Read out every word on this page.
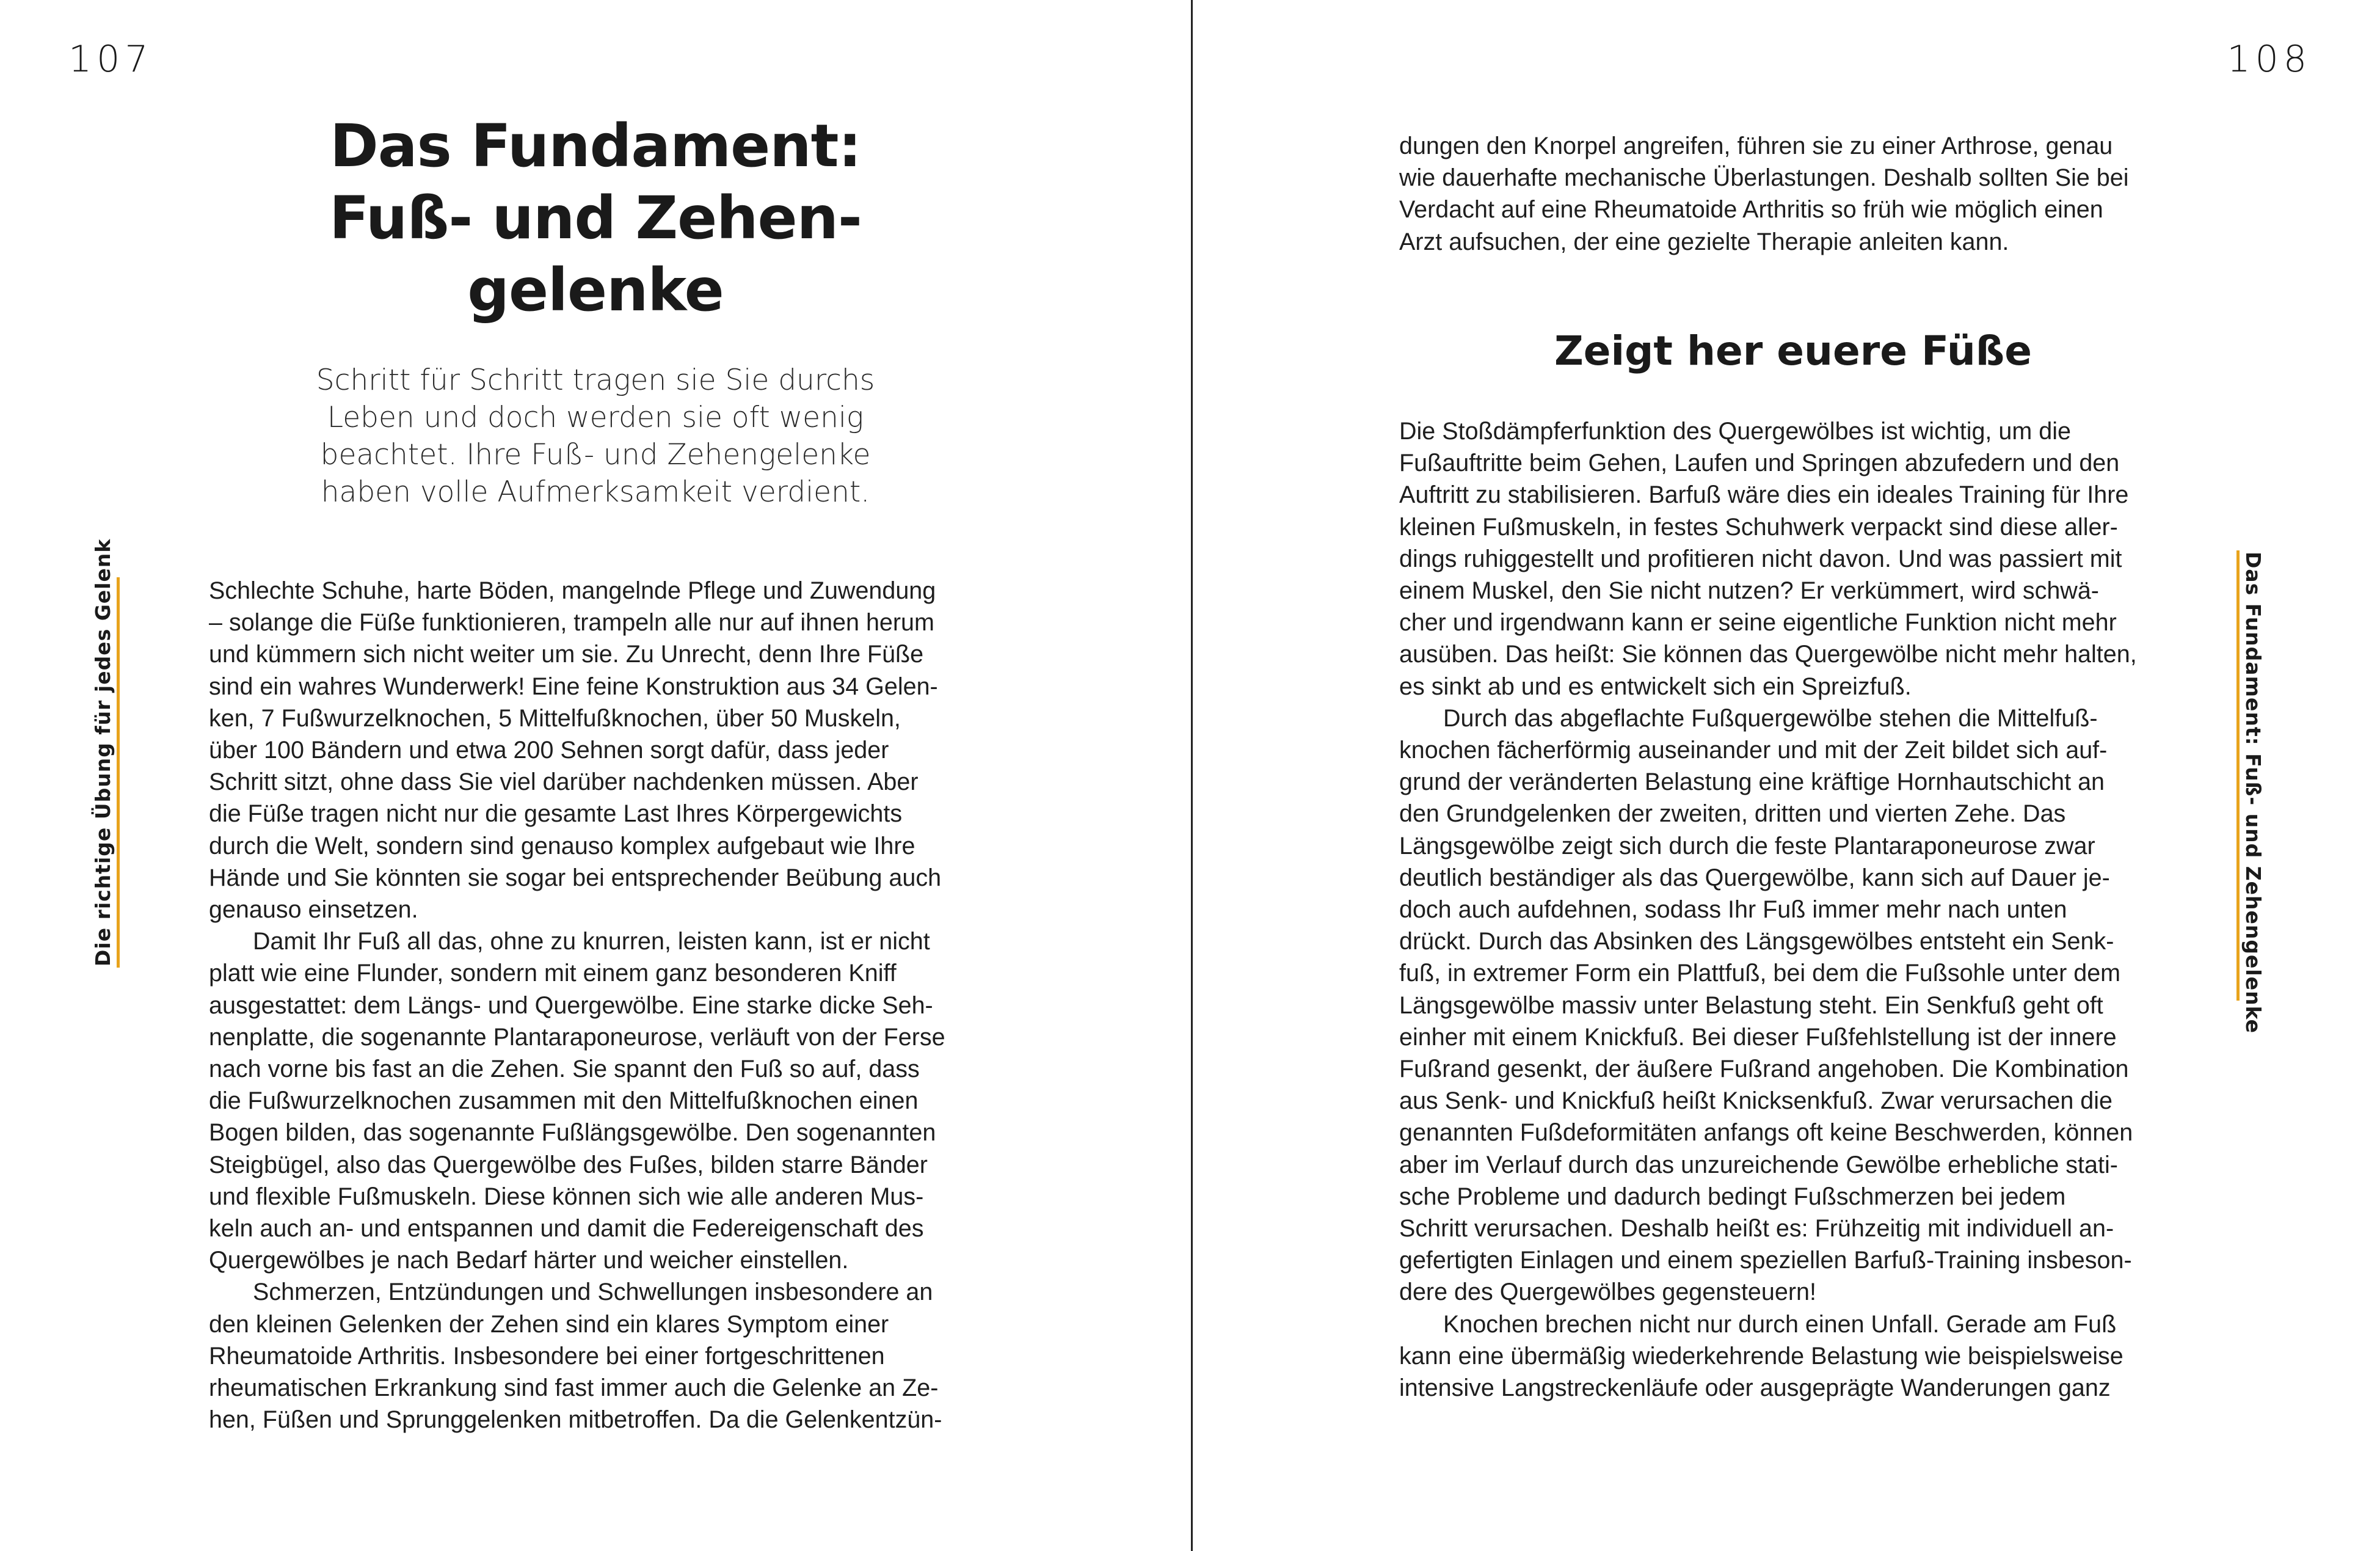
107
Das Fundament:
Fuß- und Zehen-
gelenke

Schritt für Schritt tragen sie Sie durchs
Leben und doch werden sie oft wenig
beachtet. Ihre Fuß- und Zehengelenke
haben volle Aufmerksamkeit verdient.

Die richtige Übung für jedes Gelenk	Schlechte Schuhe, harte Böden, mangelnde Pflege und Zuwendung
– solange die Füße funktionieren, trampeln alle nur auf ihnen herum
und kümmern sich nicht weiter um sie. Zu Unrecht, denn Ihre Füße
sind ein wahres Wunderwerk! Eine feine Konstruktion aus 34 Gelen-
ken, 7 Fußwurzelknochen, 5 Mittelfußknochen, über 50 Muskeln,
über 100 Bändern und etwa 200 Sehnen sorgt dafür, dass jeder
Schritt sitzt, ohne dass Sie viel darüber nachdenken müssen. Aber
die Füße tragen nicht nur die gesamte Last Ihres Körpergewichts
durch die Welt, sondern sind genauso komplex aufgebaut wie Ihre
Hände und Sie könnten sie sogar bei entsprechender Beübung auch
genauso einsetzen.
Damit Ihr Fuß all das, ohne zu knurren, leisten kann, ist er nicht
platt wie eine Flunder, sondern mit einem ganz besonderen Kniff
ausgestattet: dem Längs- und Quergewölbe. Eine starke dicke Seh-
nenplatte, die sogenannte Plantaraponeurose, verläuft von der Ferse
nach vorne bis fast an die Zehen. Sie spannt den Fuß so auf, dass
die Fußwurzelknochen zusammen mit den Mittelfußknochen einen
Bogen bilden, das sogenannte Fußlängsgewölbe. Den sogenannten
Steigbügel, also das Quergewölbe des Fußes, bilden starre Bänder
und flexible Fußmuskeln. Diese können sich wie alle anderen Mus-
keln auch an- und entspannen und damit die Federeigenschaft des
Quergewölbes je nach Bedarf härter und weicher einstellen.
Schmerzen, Entzündungen und Schwellungen insbesondere an
den kleinen Gelenken der Zehen sind ein klares Symptom einer
Rheumatoide Arthritis. Insbesondere bei einer fortgeschrittenen
rheumatischen Erkrankung sind fast immer auch die Gelenke an Ze-
hen, Füßen und Sprunggelenken mitbetroffen. Da die Gelenkentzün-
108
dungen den Knorpel angreifen, führen sie zu einer Arthrose, genau
wie dauerhafte mechanische Überlastungen. Deshalb sollten Sie bei
Verdacht auf eine Rheumatoide Arthritis so früh wie möglich einen
Arzt aufsuchen, der eine gezielte Therapie anleiten kann.
Zeigt her euere Füße
Die Stoßdämpferfunktion des Quergewölbes ist wichtig, um die
Fußauftritte beim Gehen, Laufen und Springen abzufedern und den
Auftritt zu stabilisieren. Barfuß wäre dies ein ideales Training für Ihre
kleinen Fußmuskeln, in festes Schuhwerk verpackt sind diese aller-
dings ruhiggestellt und profitieren nicht davon. Und was passiert mit
einem Muskel, den Sie nicht nutzen? Er verkümmert, wird schwä-
cher und irgendwann kann er seine eigentliche Funktion nicht mehr
ausüben. Das heißt: Sie können das Quergewölbe nicht mehr halten,
es sinkt ab und es entwickelt sich ein Spreizfuß.
Durch das abgeflachte Fußquergewölbe stehen die Mittelfuß-
knochen fächerförmig auseinander und mit der Zeit bildet sich auf-
grund der veränderten Belastung eine kräftige Hornhautschicht an
den Grundgelenken der zweiten, dritten und vierten Zehe. Das
Längsgewölbe zeigt sich durch die feste Plantaraponeurose zwar
deutlich beständiger als das Quergewölbe, kann sich auf Dauer je-
doch auch aufdehnen, sodass Ihr Fuß immer mehr nach unten
drückt. Durch das Absinken des Längsgewölbes entsteht ein Senk-
fuß, in extremer Form ein Plattfuß, bei dem die Fußsohle unter dem
Längsgewölbe massiv unter Belastung steht. Ein Senkfuß geht oft
einher mit einem Knickfuß. Bei dieser Fußfehlstellung ist der innere
Fußrand gesenkt, der äußere Fußrand angehoben. Die Kombination
aus Senk- und Knickfuß heißt Knicksenkfuß. Zwar verursachen die
genannten Fußdeformitäten anfangs oft keine Beschwerden, können
aber im Verlauf durch das unzureichende Gewölbe erhebliche stati-
sche Probleme und dadurch bedingt Fußschmerzen bei jedem
Schritt verursachen. Deshalb heißt es: Frühzeitig mit individuell an-
gefertigten Einlagen und einem speziellen Barfuß-Training insbeson-
dere des Quergewölbes gegensteuern!
Knochen brechen nicht nur durch einen Unfall. Gerade am Fuß
kann eine übermäßig wiederkehrende Belastung wie beispielsweise
intensive Langstreckenläufe oder ausgeprägte Wanderungen ganz
Das Fundament: Fuß- und Zehengelenke
